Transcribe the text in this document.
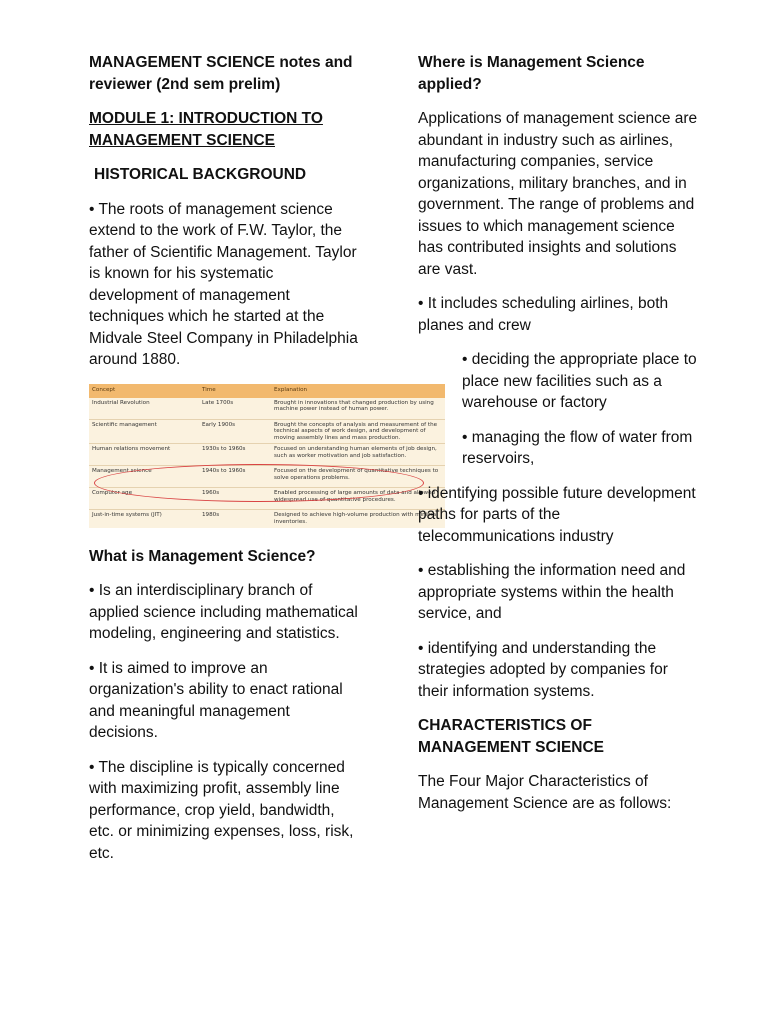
MANAGEMENT SCIENCE notes and reviewer (2nd sem prelim)

MODULE 1: INTRODUCTION TO MANAGEMENT SCIENCE

HISTORICAL BACKGROUND

• The roots of management science extend to the work of F.W. Taylor, the father of Scientific Management. Taylor is known for his systematic development of management techniques which he started at the Midvale Steel Company in Philadelphia around 1880.

Concept	Time	Explanation
Industrial Revolution	Late 1700s	Brought in innovations that changed production by using machine power instead of human power.
Scientific management	Early 1900s	Brought the concepts of analysis and measurement of the technical aspects of work design, and development of moving assembly lines and mass production.
Human relations movement	1930s to 1960s	Focused on understanding human elements of job design, such as worker motivation and job satisfaction.
Management science	1940s to 1960s	Focused on the development of quantitative techniques to solve operations problems.
Computer age	1960s	Enabled processing of large amounts of data and allowed widespread use of quantitative procedures.
Just-in-time systems (JIT)	1980s	Designed to achieve high-volume production with minimal inventories.

What is Management Science?

• Is an interdisciplinary branch of applied science including mathematical modeling, engineering and statistics.

• It is aimed to improve an organization's ability to enact rational and meaningful management decisions.

• The discipline is typically concerned with maximizing profit, assembly line performance, crop yield, bandwidth, etc. or minimizing expenses, loss, risk, etc.

Where is Management Science applied?

Applications of management science are abundant in industry such as airlines, manufacturing companies, service organizations, military branches, and in government. The range of problems and issues to which management science has contributed insights and solutions are vast.

• It includes scheduling airlines, both planes and crew

• deciding the appropriate place to place new facilities such as a warehouse or factory

• managing the flow of water from reservoirs,

• identifying possible future development paths for parts of the telecommunications industry

• establishing the information need and appropriate systems within the health service, and

• identifying and understanding the strategies adopted by companies for their information systems.

CHARACTERISTICS OF MANAGEMENT SCIENCE

The Four Major Characteristics of Management Science are as follows:
